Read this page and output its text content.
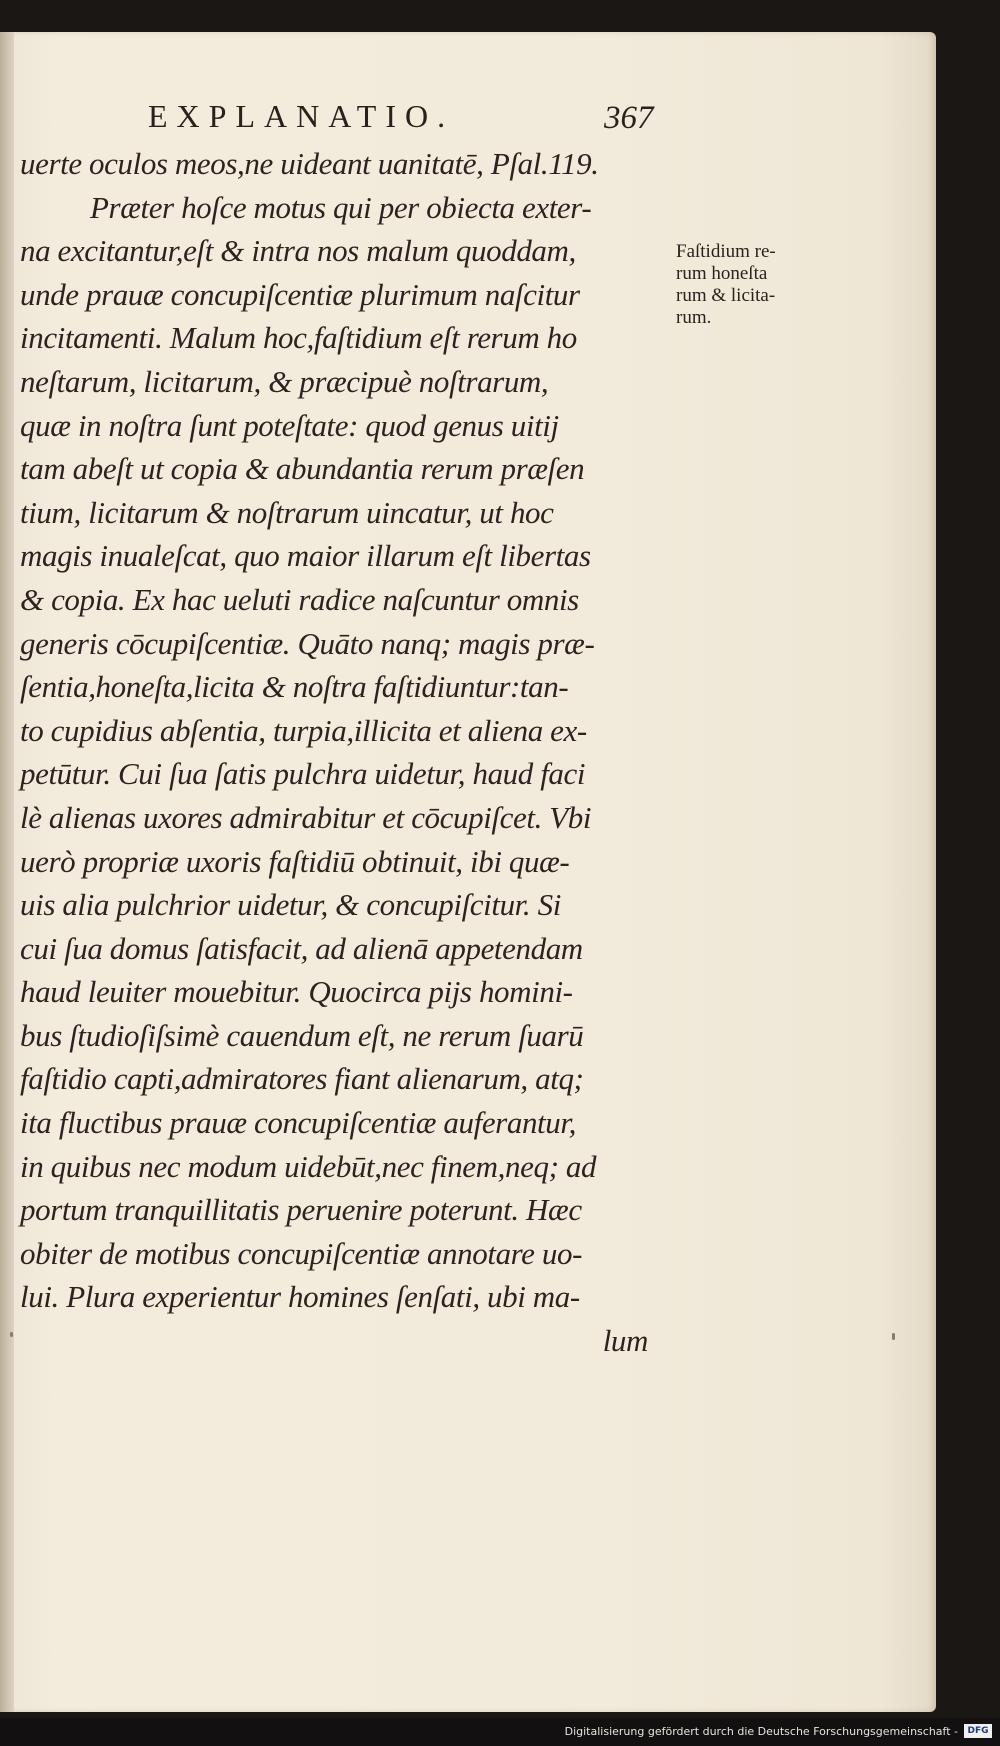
EXPLANATIO.	367
uerte oculos meos,ne uideant uanitatē, Pſal.119.
Præter hoſce motus qui per obiecta exter-
na excitantur,eſt & intra nos malum quoddam,
unde prauæ concupiſcentiæ plurimum naſcitur
incitamenti. Malum hoc,faſtidium eſt rerum ho
neſtarum, licitarum, & præcipuè noſtrarum,
quæ in noſtra ſunt poteſtate: quod genus uitij
tam abeſt ut copia & abundantia rerum præſen
tium, licitarum & noſtrarum uincatur, ut hoc
magis inualeſcat, quo maior illarum eſt libertas
& copia. Ex hac ueluti radice naſcuntur omnis
generis cōcupiſcentiæ. Quāto nanq; magis præ-
ſentia,honeſta,licita & noſtra faſtidiuntur:tan-
to cupidius abſentia, turpia,illicita et aliena ex-
petūtur. Cui ſua ſatis pulchra uidetur, haud faci
lè alienas uxores admirabitur et cōcupiſcet. Vbi
uerò propriæ uxoris faſtidiū obtinuit, ibi quæ-
uis alia pulchrior uidetur, & concupiſcitur. Si
cui ſua domus ſatisfacit, ad alienā appetendam
haud leuiter mouebitur. Quocirca pijs homini-
bus ſtudioſiſsimè cauendum eſt, ne rerum ſuarū
faſtidio capti,admiratores fiant alienarum, atq;
ita fluctibus prauæ concupiſcentiæ auferantur,
in quibus nec modum uidebūt,nec finem,neq; ad
portum tranquillitatis peruenire poterunt. Hæc
obiter de motibus concupiſcentiæ annotare uo-
lui. Plura experientur homines ſenſati, ubi ma-
lum
Faſtidium re-
rum honeſta
rum & licita-
rum.
Digitalisierung gefördert durch die Deutsche Forschungsgemeinschaft -	DFG
